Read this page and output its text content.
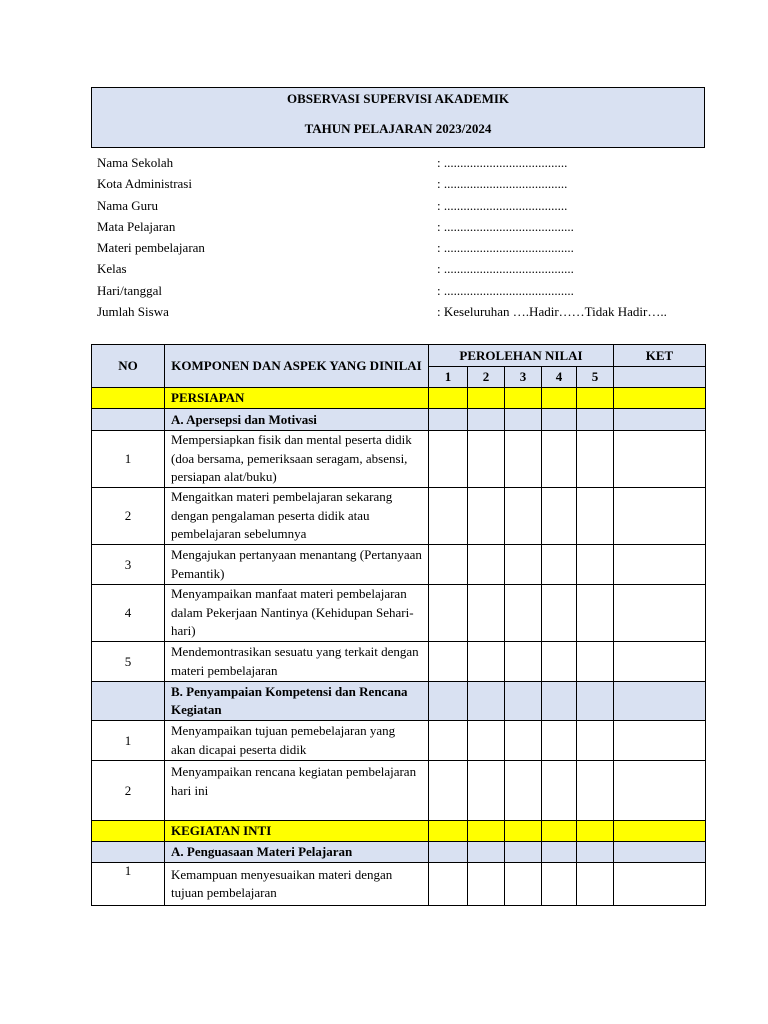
OBSERVASI SUPERVISI AKADEMIK
TAHUN PELAJARAN 2023/2024
Nama Sekolah	: ......................................
Kota Administrasi	: ......................................
Nama Guru	: ......................................
Mata Pelajaran	: ........................................
Materi pembelajaran	: ........................................
Kelas	: ........................................
Hari/tanggal	: ........................................
Jumlah Siswa	: Keseluruhan ….Hadir……Tidak Hadir…..
NO	KOMPONEN DAN ASPEK YANG DINILAI	PEROLEHAN NILAI					KET
		1	2	3	4	5	
	PERSIAPAN						
	A. Apersepsi dan Motivasi						
1	Mempersiapkan fisik dan mental peserta didik (doa bersama, pemeriksaan seragam, absensi, persiapan alat/buku)						
2	Mengaitkan materi pembelajaran sekarang dengan pengalaman peserta didik atau pembelajaran sebelumnya						
3	Mengajukan pertanyaan menantang (Pertanyaan Pemantik)						
4	Menyampaikan manfaat materi pembelajaran dalam Pekerjaan Nantinya (Kehidupan Sehari-hari)						
5	Mendemontrasikan sesuatu yang terkait dengan materi pembelajaran						
	B. Penyampaian Kompetensi dan Rencana Kegiatan						
1	Menyampaikan tujuan pemebelajaran yang akan dicapai peserta didik						
2	Menyampaikan rencana kegiatan pembelajaran hari ini						
	KEGIATAN INTI						
	A. Penguasaan Materi Pelajaran						
1	Kemampuan menyesuaikan materi dengan tujuan pembelajaran						
